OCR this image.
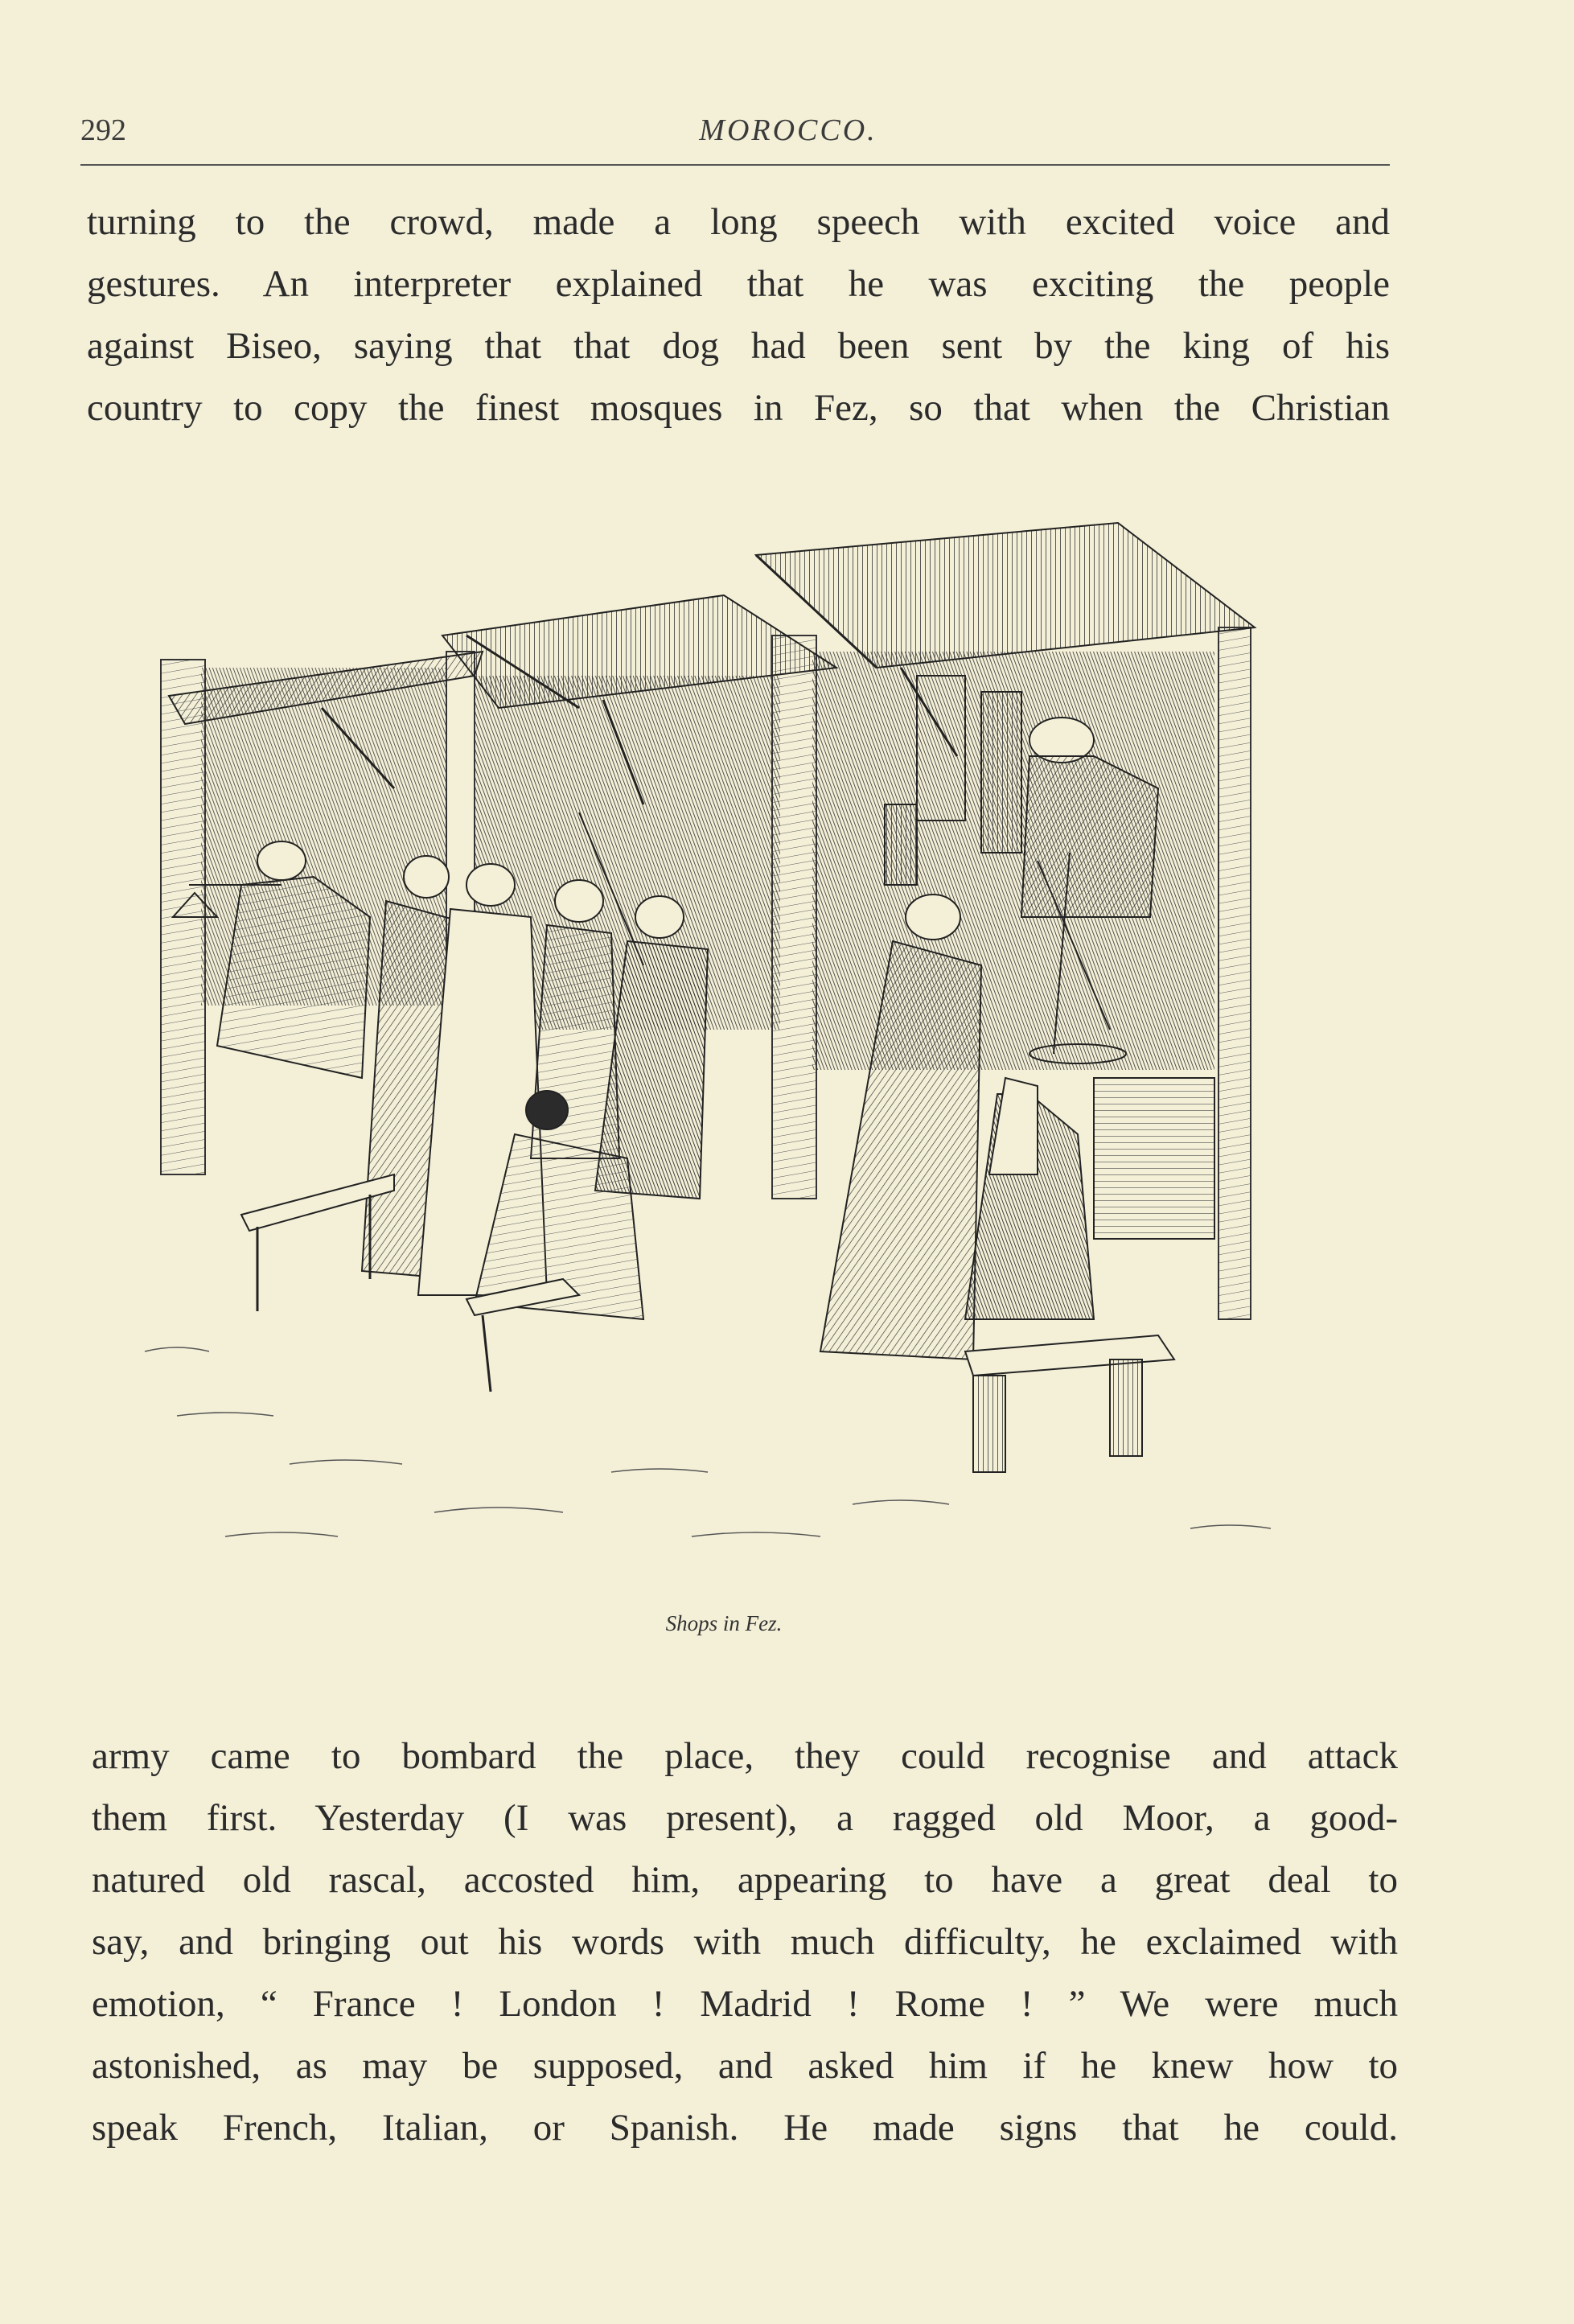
292	MOROCCO.
turning to the crowd, made a long speech with excited voice and
gestures. An interpreter explained that he was exciting the people
against Biseo, saying that that dog had been sent by the king of his
country to copy the finest mosques in Fez, so that when the Christian
Shops in Fez.
army came to bombard the place, they could recognise and attack
them first. Yesterday (I was present), a ragged old Moor, a good-
natured old rascal, accosted him, appearing to have a great deal to
say, and bringing out his words with much difficulty, he exclaimed with
emotion, “ France ! London ! Madrid ! Rome ! ” We were much
astonished, as may be supposed, and asked him if he knew how to
speak French, Italian, or Spanish. He made signs that he could.
